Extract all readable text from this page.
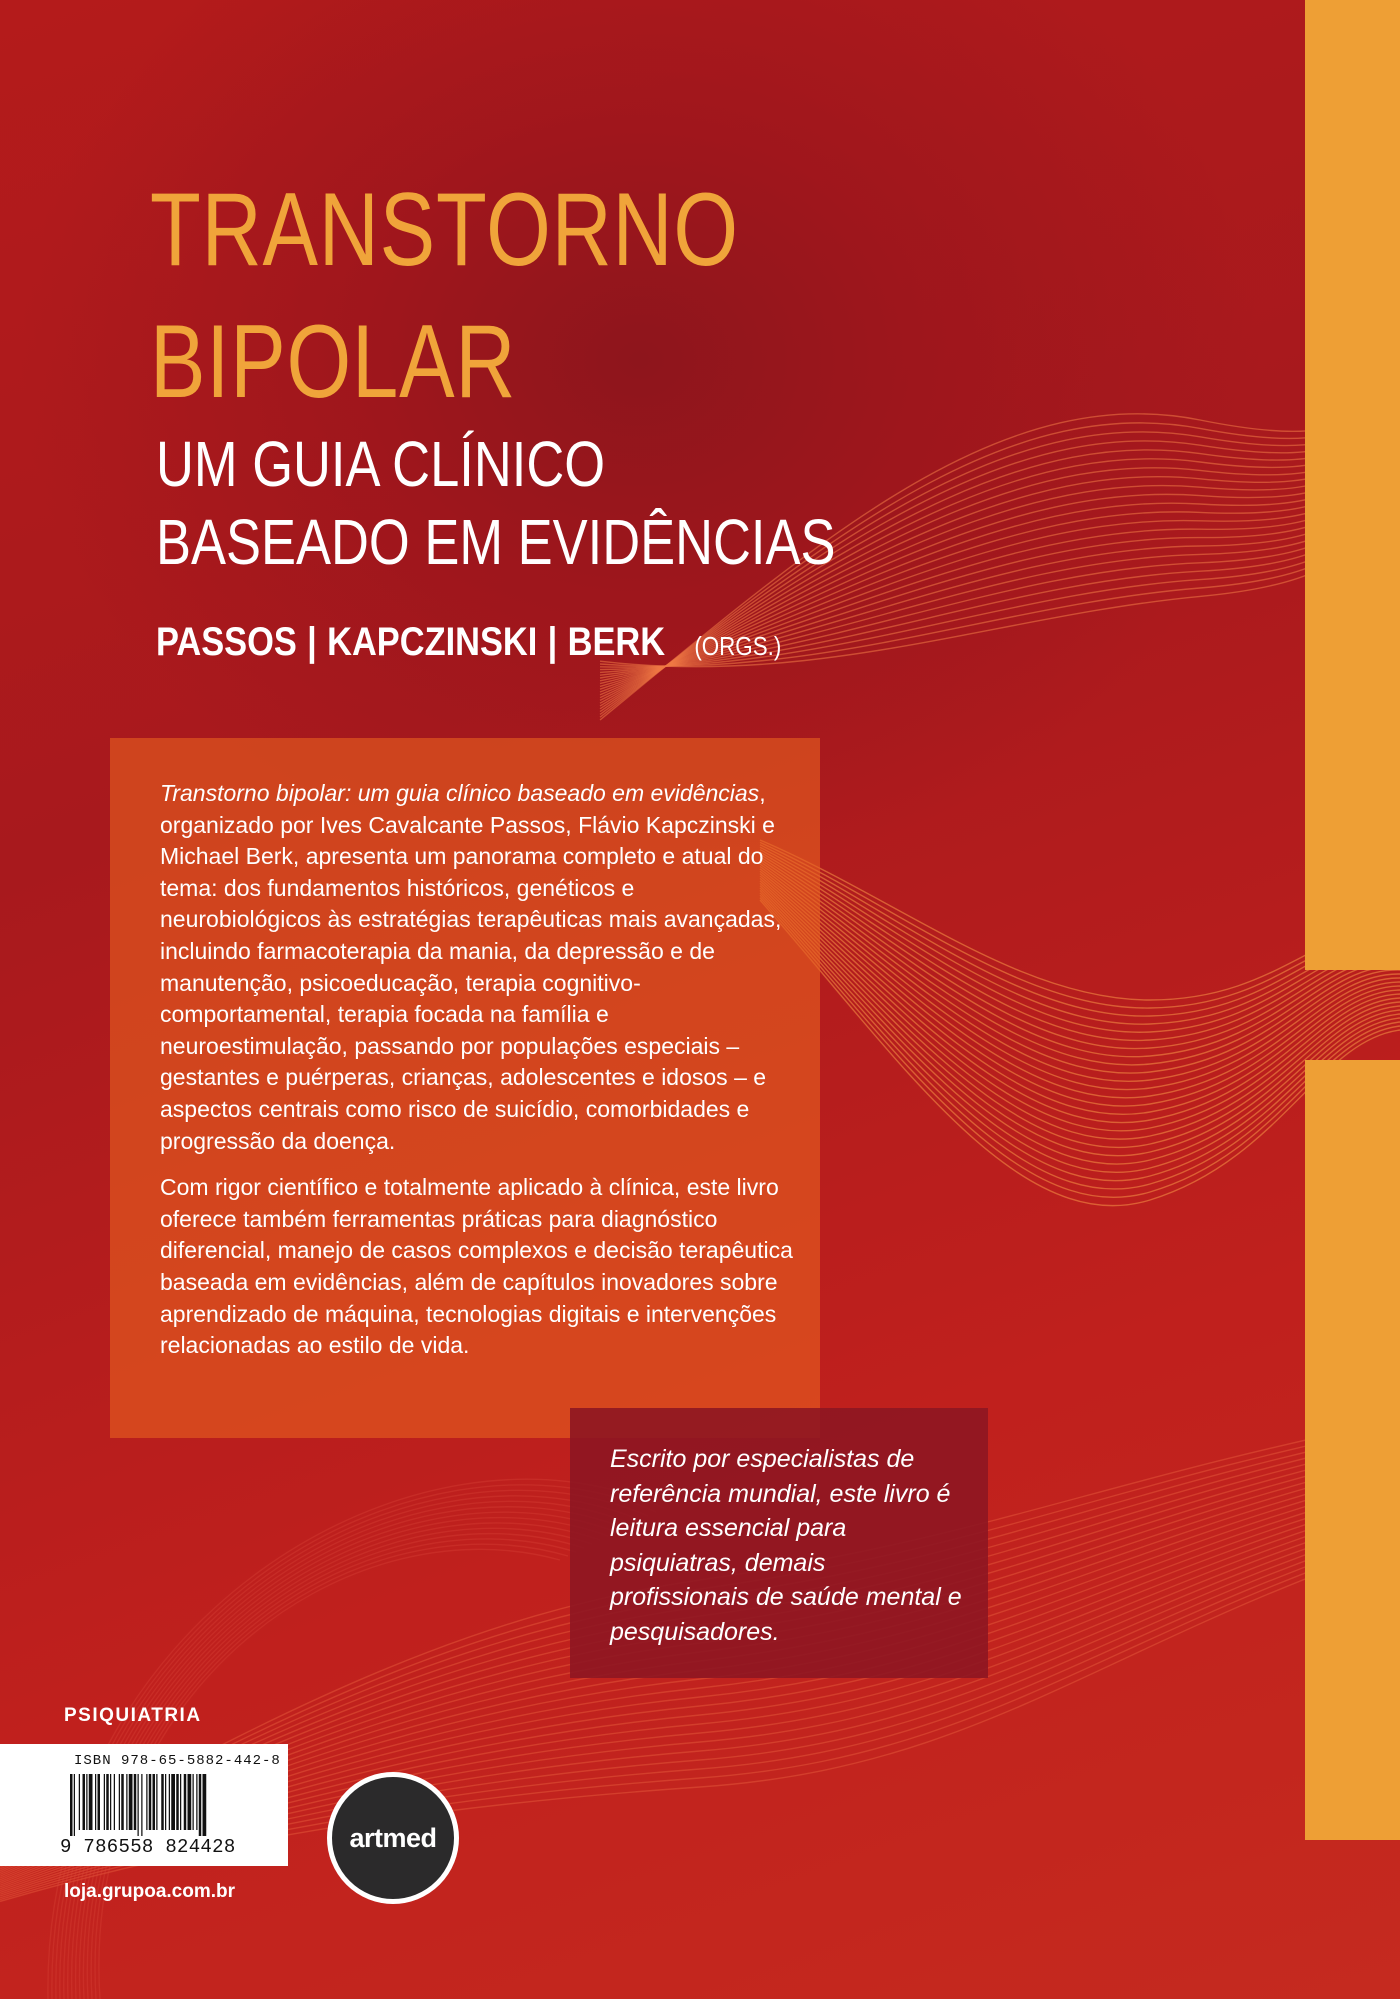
TRANSTORNO
BIPOLAR
UM GUIA CLÍNICO
BASEADO EM EVIDÊNCIAS
PASSOS | KAPCZINSKI | BERK (ORGS.)

Transtorno bipolar: um guia clínico baseado em evidências, organizado por Ives Cavalcante Passos, Flávio Kapczinski e Michael Berk, apresenta um panorama completo e atual do tema: dos fundamentos históricos, genéticos e neurobiológicos às estratégias terapêuticas mais avançadas, incluindo farmacoterapia da mania, da depressão e de manutenção, psicoeducação, terapia cognitivo-comportamental, terapia focada na família e neuroestimulação, passando por populações especiais – gestantes e puérperas, crianças, adolescentes e idosos – e aspectos centrais como risco de suicídio, comorbidades e progressão da doença.

Com rigor científico e totalmente aplicado à clínica, este livro oferece também ferramentas práticas para diagnóstico diferencial, manejo de casos complexos e decisão terapêutica baseada em evidências, além de capítulos inovadores sobre aprendizado de máquina, tecnologias digitais e intervenções relacionadas ao estilo de vida.

Escrito por especialistas de referência mundial, este livro é leitura essencial para psiquiatras, demais profissionais de saúde mental e pesquisadores.

PSIQUIATRIA
ISBN 978-65-5882-442-8
9 786558 824428	artmed
loja.grupoa.com.br
